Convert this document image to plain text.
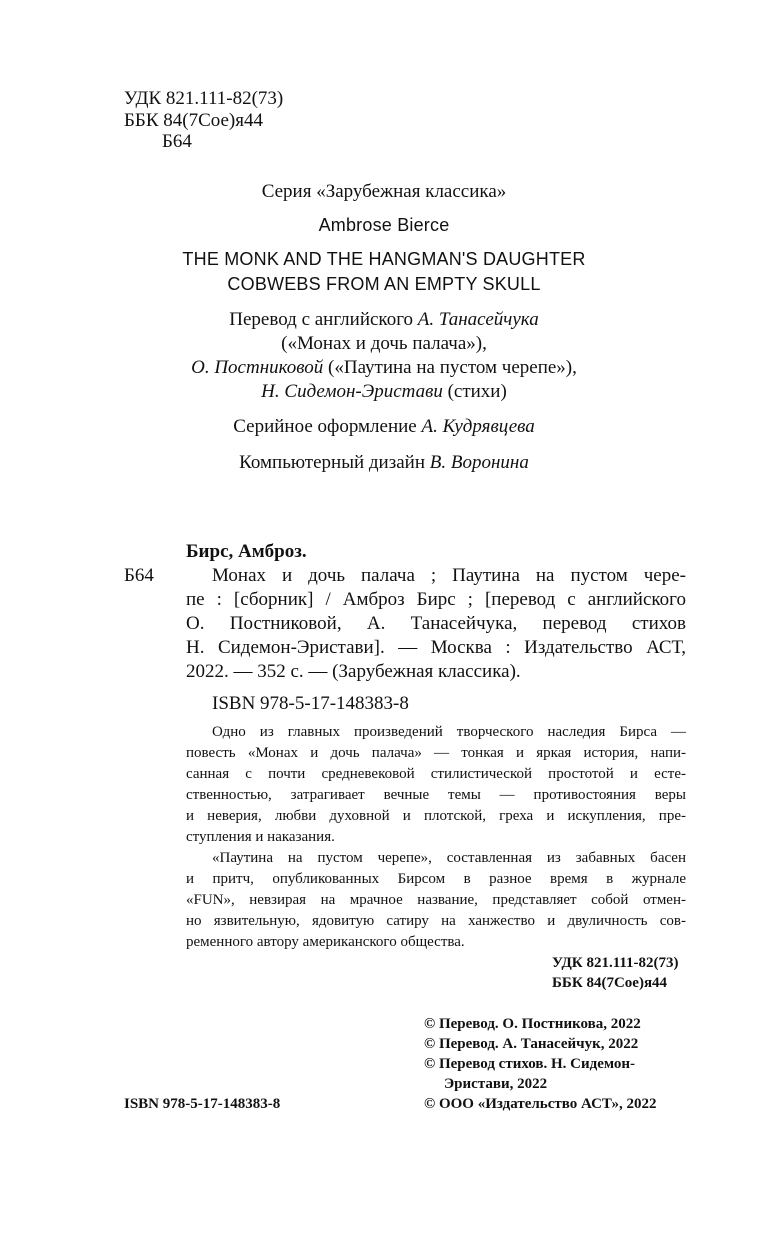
УДК 821.111-82(73)
ББК 84(7Сое)я44
Б64
Серия «Зарубежная классика»
Ambrose Bierce
THE MONK AND THE HANGMAN'S DAUGHTER
COBWEBS FROM AN EMPTY SKULL
Перевод с английского А. Танасейчука
(«Монах и дочь палача»),
О. Постниковой («Паутина на пустом черепе»),
Н. Сидемон-Эристави (стихи)
Серийное оформление А. Кудрявцева
Компьютерный дизайн В. Воронина
Бирс, Амброз.
Б64	Монах и дочь палача ; Паутина на пустом чере-
пе : [сборник] / Амброз Бирс ; [перевод с английского
О. Постниковой, А. Танасейчука, перевод стихов
Н. Сидемон-Эристави]. — Москва : Издательство АСТ,
2022. — 352 с. — (Зарубежная классика).
ISBN 978-5-17-148383-8
Одно из главных произведений творческого наследия Бирса —
повесть «Монах и дочь палача» — тонкая и яркая история, напи-
санная с почти средневековой стилистической простотой и есте-
ственностью, затрагивает вечные темы — противостояния веры
и неверия, любви духовной и плотской, греха и искупления, пре-
ступления и наказания.
«Паутина на пустом черепе», составленная из забавных басен
и притч, опубликованных Бирсом в разное время в журнале
«FUN», невзирая на мрачное название, представляет собой отмен-
но язвительную, ядовитую сатиру на ханжество и двуличность сов-
ременного автору американского общества.
УДК 821.111-82(73)
ББК 84(7Сое)я44
© Перевод. О. Постникова, 2022
© Перевод. А. Танасейчук, 2022
© Перевод стихов. Н. Сидемон-
Эристави, 2022
© ООО «Издательство АСТ», 2022
ISBN 978-5-17-148383-8
